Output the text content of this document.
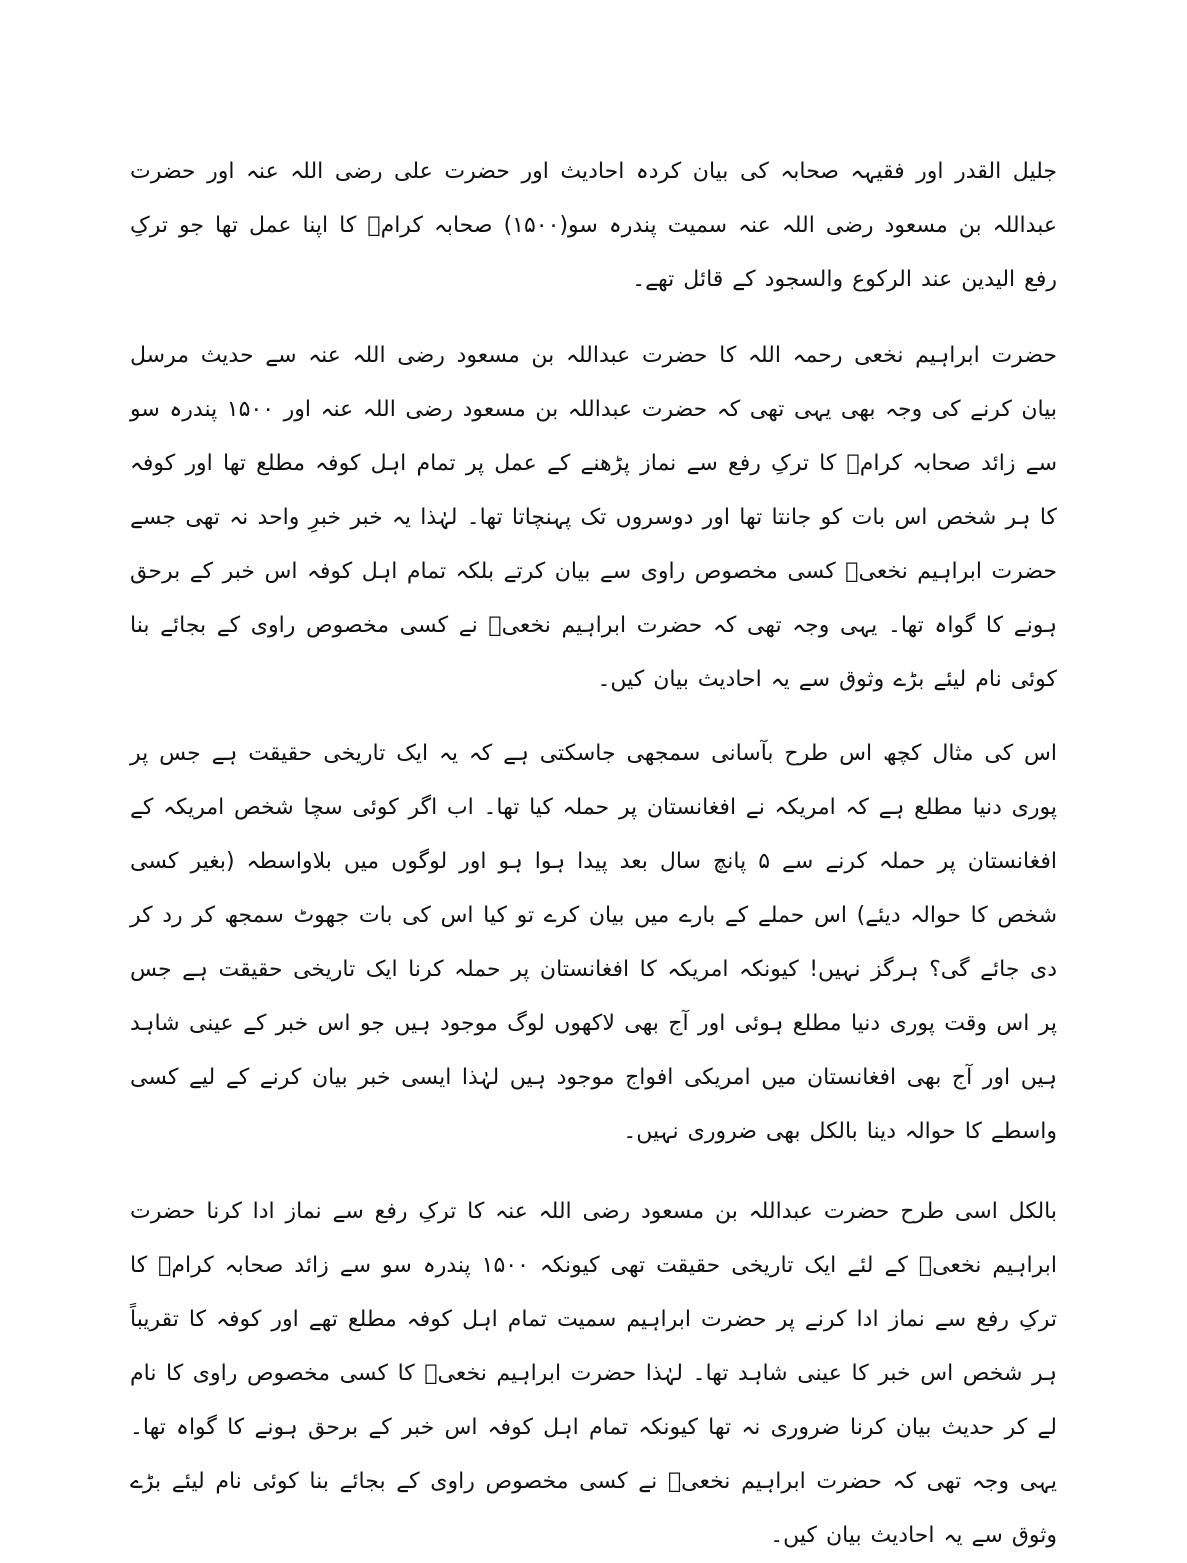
جلیل القدر اور فقیہہ صحابہ کی بیان کردہ احادیث اور حضرت علی رضی اللہ عنہ اور حضرت عبداللہ بن مسعود رضی اللہ عنہ سمیت پندرہ سو(۱۵۰۰) صحابہ کرامؓ کا اپنا عمل تھا جو ترکِ رفع الیدین عند الرکوع والسجود کے قائل تھے۔

حضرت ابراہیم نخعی رحمہ اللہ کا حضرت عبداللہ بن مسعود رضی اللہ عنہ سے حدیث مرسل بیان کرنے کی وجہ بھی یہی تھی کہ حضرت عبداللہ بن مسعود رضی اللہ عنہ اور ۱۵۰۰ پندرہ سو سے زائد صحابہ کرامؓ کا ترکِ رفع سے نماز پڑھنے کے عمل پر تمام اہل کوفہ مطلع تھا اور کوفہ کا ہر شخص اس بات کو جانتا تھا اور دوسروں تک پہنچاتا تھا۔ لہٰذا یہ خبر خبرِ واحد نہ تھی جسے حضرت ابراہیم نخعیؒ کسی مخصوص راوی سے بیان کرتے بلکہ تمام اہل کوفہ اس خبر کے برحق ہونے کا گواہ تھا۔ یہی وجہ تھی کہ حضرت ابراہیم نخعیؒ نے کسی مخصوص راوی کے بجائے بنا کوئی نام لیئے بڑے وثوق سے یہ احادیث بیان کیں۔

اس کی مثال کچھ اس طرح بآسانی سمجھی جاسکتی ہے کہ یہ ایک تاریخی حقیقت ہے جس پر پوری دنیا مطلع ہے کہ امریکہ نے افغانستان پر حملہ کیا تھا۔ اب اگر کوئی سچا شخص امریکہ کے افغانستان پر حملہ کرنے سے ۵ پانچ سال بعد پیدا ہوا ہو اور لوگوں میں بلاواسطہ (بغیر کسی شخص کا حوالہ دیئے) اس حملے کے بارے میں بیان کرے تو کیا اس کی بات جھوٹ سمجھ کر رد کر دی جائے گی؟ ہرگز نہیں! کیونکہ امریکہ کا افغانستان پر حملہ کرنا ایک تاریخی حقیقت ہے جس پر اس وقت پوری دنیا مطلع ہوئی اور آج بھی لاکھوں لوگ موجود ہیں جو اس خبر کے عینی شاہد ہیں اور آج بھی افغانستان میں امریکی افواج موجود ہیں لہٰذا ایسی خبر بیان کرنے کے لیے کسی واسطے کا حوالہ دینا بالکل بھی ضروری نہیں۔

بالکل اسی طرح حضرت عبداللہ بن مسعود رضی اللہ عنہ کا ترکِ رفع سے نماز ادا کرنا حضرت ابراہیم نخعیؒ کے لئے ایک تاریخی حقیقت تھی کیونکہ ۱۵۰۰ پندرہ سو سے زائد صحابہ کرامؓ کا ترکِ رفع سے نماز ادا کرنے پر حضرت ابراہیم سمیت تمام اہل کوفہ مطلع تھے اور کوفہ کا تقریباً ہر شخص اس خبر کا عینی شاہد تھا۔ لہٰذا حضرت ابراہیم نخعیؒ کا کسی مخصوص راوی کا نام لے کر حدیث بیان کرنا ضروری نہ تھا کیونکہ تمام اہل کوفہ اس خبر کے برحق ہونے کا گواہ تھا۔ یہی وجہ تھی کہ حضرت ابراہیم نخعیؒ نے کسی مخصوص راوی کے بجائے بنا کوئی نام لیئے بڑے وثوق سے یہ احادیث بیان کیں۔
